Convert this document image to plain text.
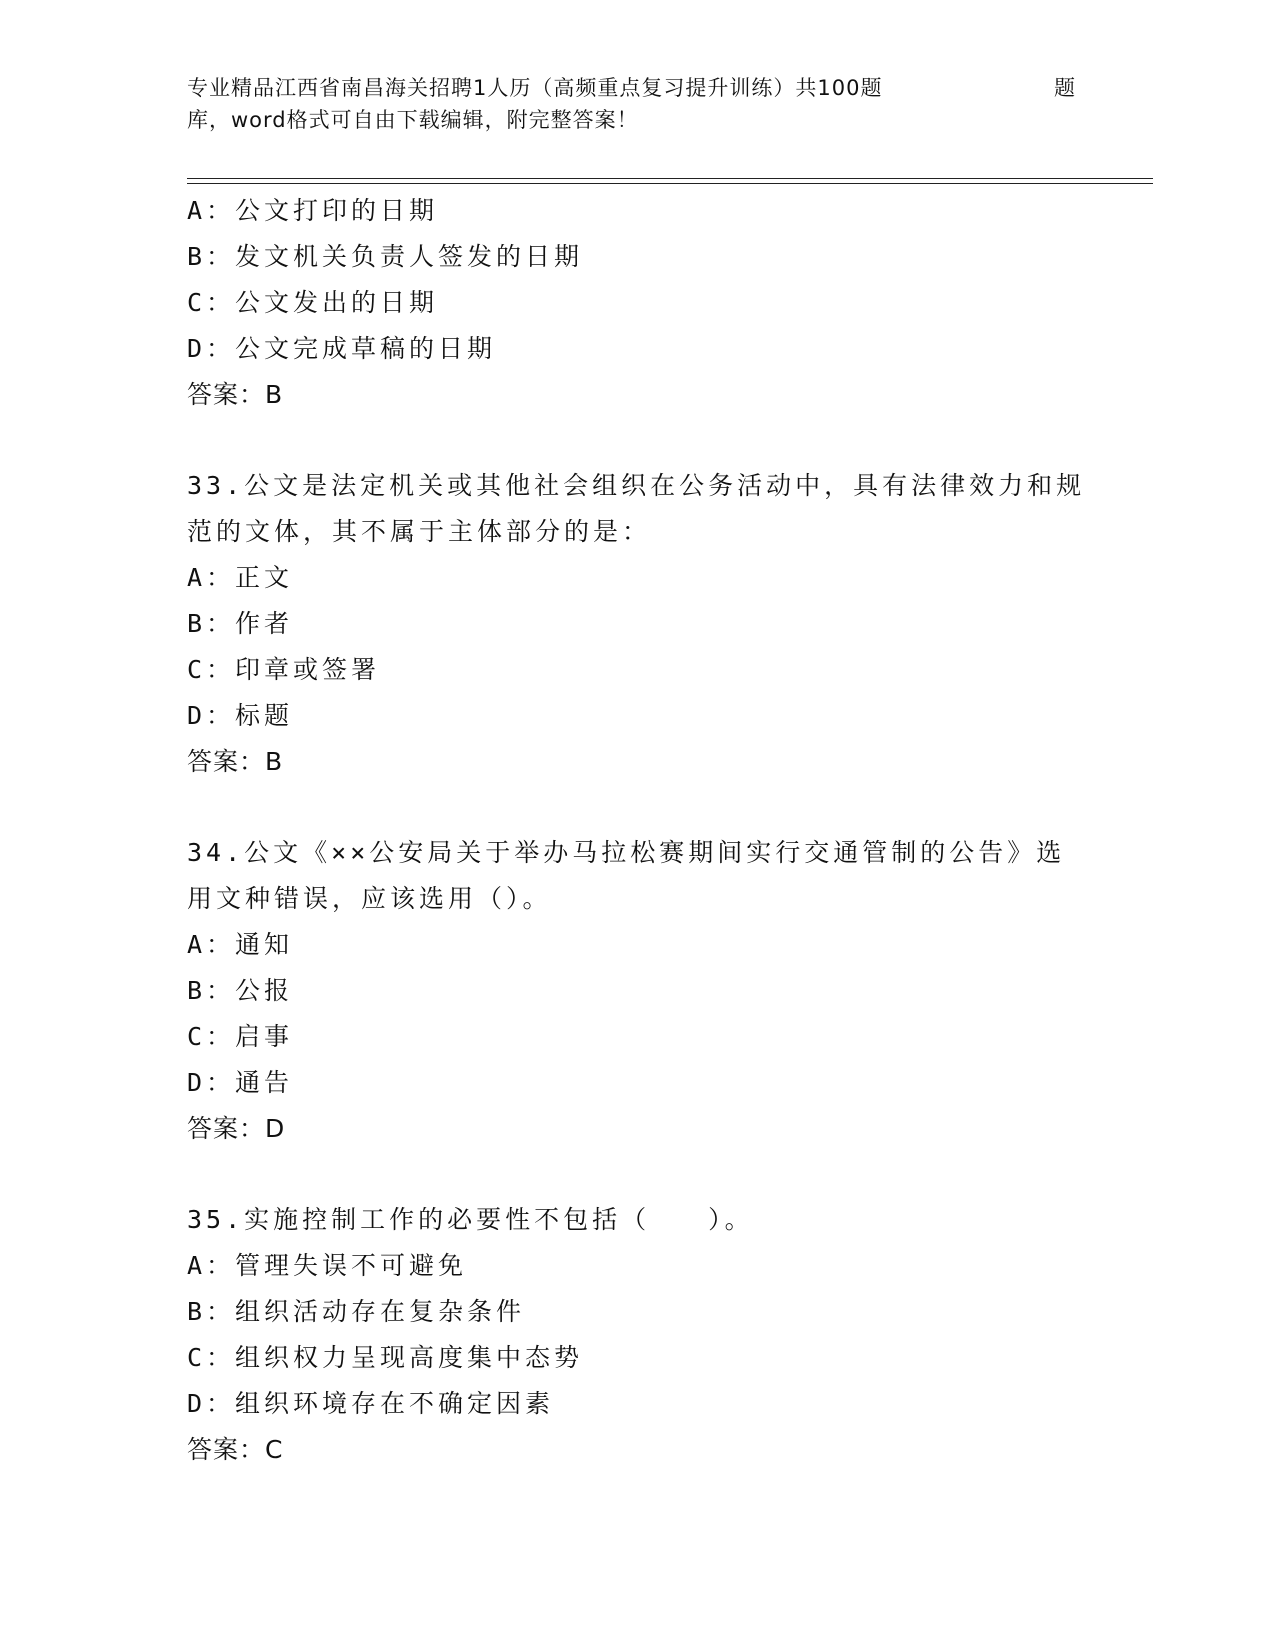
专业精品江西省南昌海关招聘1人历（高频重点复习提升训练）共100题
库，word格式可自由下载编辑，附完整答案！
题
A：公文打印的日期
B：发文机关负责人签发的日期
C：公文发出的日期
D：公文完成草稿的日期
答案：B
33.公文是法定机关或其他社会组织在公务活动中，具有法律效力和规
范的文体，其不属于主体部分的是：
A：正文
B：作者
C：印章或签署
D：标题
答案：B
34.公文《××公安局关于举办马拉松赛期间实行交通管制的公告》选
用文种错误，应该选用（）。
A：通知
B：公报
C：启事
D：通告
答案：D
35.实施控制工作的必要性不包括（　　）。
A：管理失误不可避免
B：组织活动存在复杂条件
C：组织权力呈现高度集中态势
D：组织环境存在不确定因素
答案：C
